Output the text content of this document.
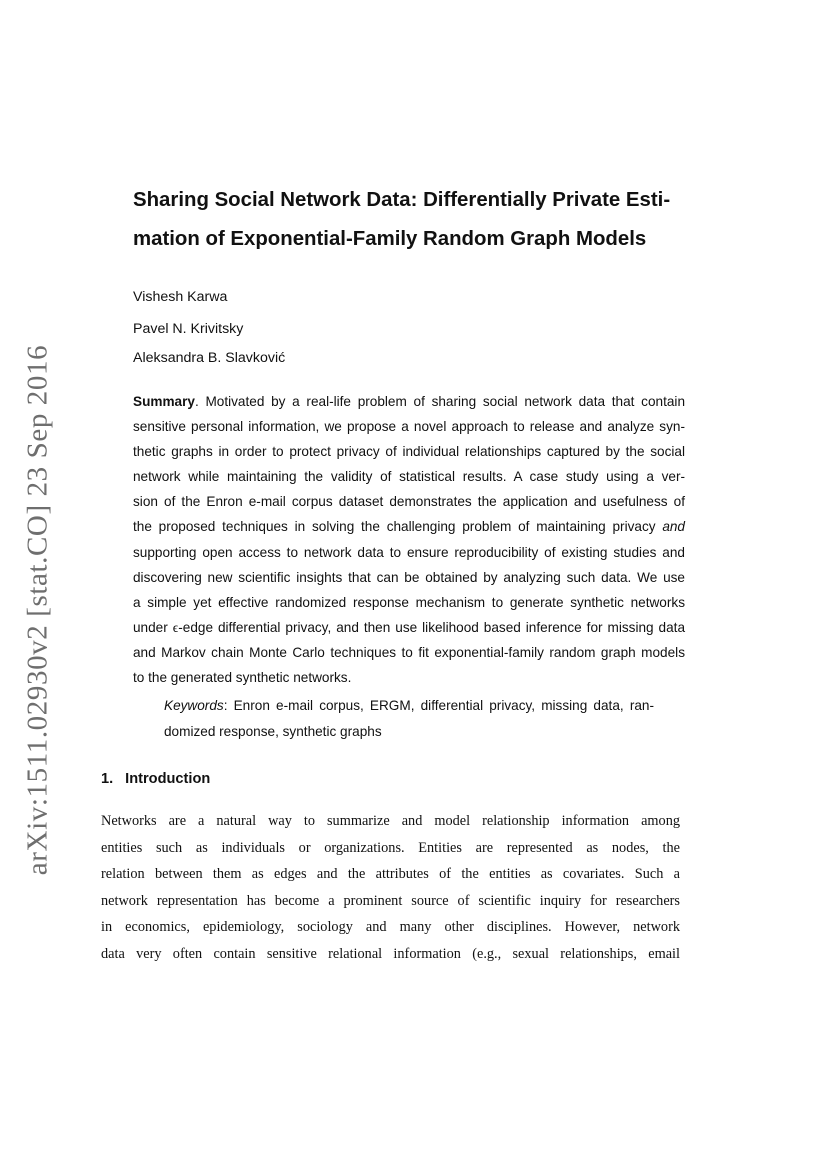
arXiv:1511.02930v2 [stat.CO] 23 Sep 2016
Sharing Social Network Data: Differentially Private Esti-
mation of Exponential-Family Random Graph Models
Vishesh Karwa
Pavel N. Krivitsky
Aleksandra B. Slavković
Summary. Motivated by a real-life problem of sharing social network data that contain
sensitive personal information, we propose a novel approach to release and analyze syn-
thetic graphs in order to protect privacy of individual relationships captured by the social
network while maintaining the validity of statistical results. A case study using a ver-
sion of the Enron e-mail corpus dataset demonstrates the application and usefulness of
the proposed techniques in solving the challenging problem of maintaining privacy and
supporting open access to network data to ensure reproducibility of existing studies and
discovering new scientific insights that can be obtained by analyzing such data. We use
a simple yet effective randomized response mechanism to generate synthetic networks
under ϵ-edge differential privacy, and then use likelihood based inference for missing data
and Markov chain Monte Carlo techniques to fit exponential-family random graph models
to the generated synthetic networks.
Keywords: Enron e-mail corpus, ERGM, differential privacy, missing data, ran-
domized response, synthetic graphs
1. Introduction
Networks are a natural way to summarize and model relationship information among
entities such as individuals or organizations. Entities are represented as nodes, the
relation between them as edges and the attributes of the entities as covariates. Such a
network representation has become a prominent source of scientific inquiry for researchers
in economics, epidemiology, sociology and many other disciplines. However, network
data very often contain sensitive relational information (e.g., sexual relationships, email
